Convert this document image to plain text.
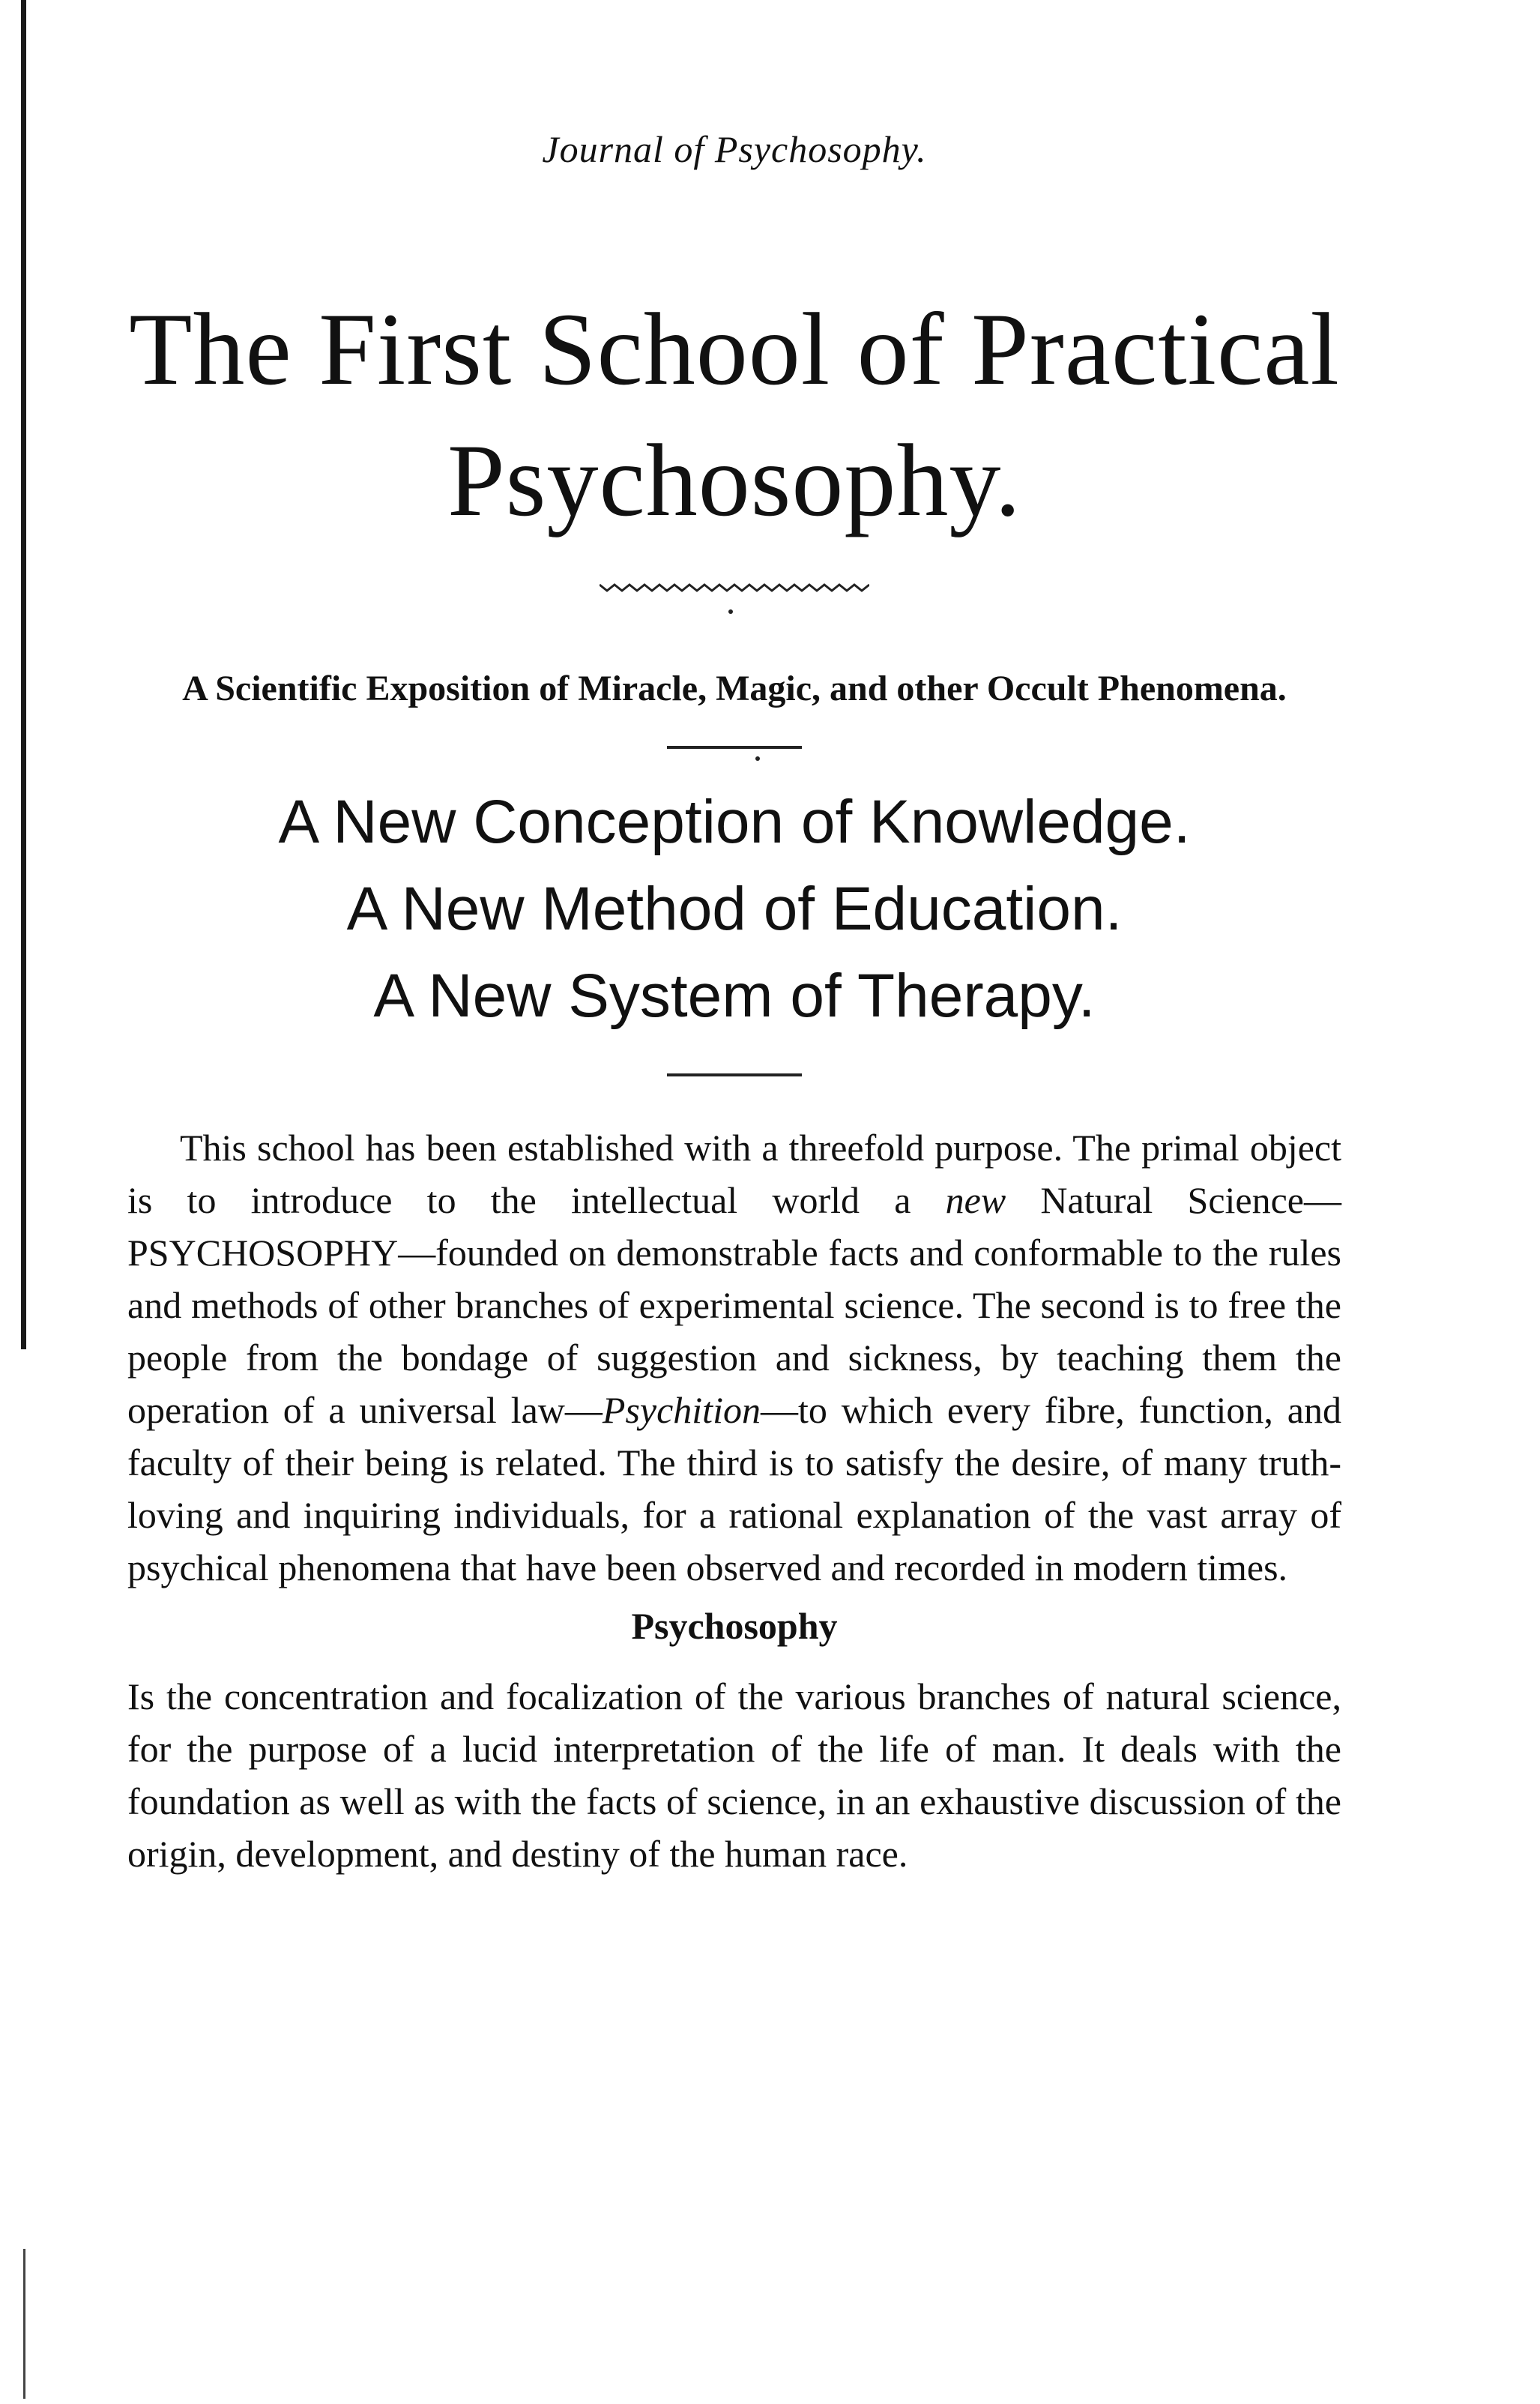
Journal of Psychosophy.

The First School of Practical
Psychosophy.

A Scientific Exposition of Miracle, Magic, and other Occult Phenomena.

A New Conception of Knowledge.
A New Method of Education.
A New System of Therapy.

This school has been established with a threefold purpose. The primal object is to introduce to the intellectual world a new Natural Science—PSYCHOSOPHY—founded on demonstrable facts and conformable to the rules and methods of other branches of experimental science. The second is to free the people from the bondage of suggestion and sickness, by teaching them the operation of a universal law—Psychition—to which every fibre, function, and faculty of their being is related. The third is to satisfy the desire, of many truth-loving and inquiring individuals, for a rational explanation of the vast array of psychical phenomena that have been observed and recorded in modern times.

Psychosophy

Is the concentration and focalization of the various branches of natural science, for the purpose of a lucid interpretation of the life of man. It deals with the foundation as well as with the facts of science, in an exhaustive discussion of the origin, development, and destiny of the human race.
